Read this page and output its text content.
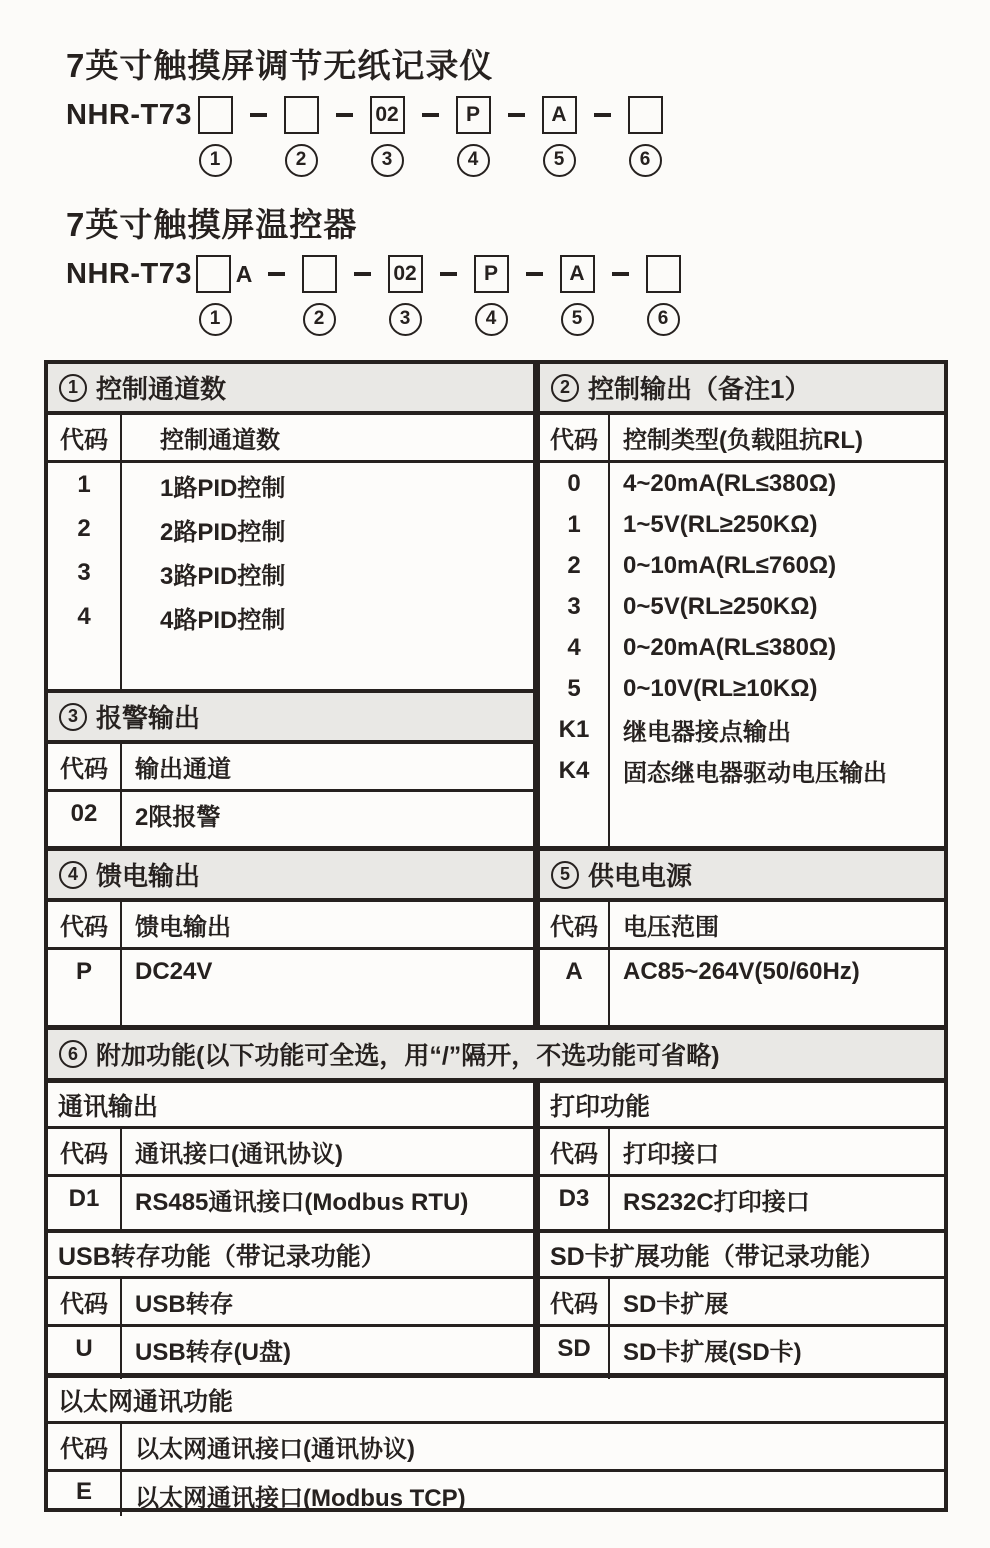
7英寸触摸屏调节无纸记录仪
NHR-T73	02	P	A
1	2	3	4	5	6
7英寸触摸屏温控器
NHR-T73 A	02	P	A
1	2	3	4	5	6
1 控制通道数
代码	控制通道数
1	1路PID控制
2	2路PID控制
3	3路PID控制
4	4路PID控制
3 报警输出
代码	输出通道
02	2限报警
2 控制输出（备注1）
代码	控制类型(负载阻抗RL)
0	4~20mA(RL≤380Ω)
1	1~5V(RL≥250KΩ)
2	0~10mA(RL≤760Ω)
3	0~5V(RL≥250KΩ)
4	0~20mA(RL≤380Ω)
5	0~10V(RL≥10KΩ)
K1	继电器接点输出
K4	固态继电器驱动电压输出
4 馈电输出
代码	馈电输出
P	DC24V
5 供电电源
代码	电压范围
A	AC85~264V(50/60Hz)
6 附加功能(以下功能可全选，用“/”隔开，不选功能可省略)
通讯输出
代码	通讯接口(通讯协议)
D1	RS485通讯接口(Modbus RTU)
USB转存功能（带记录功能）
代码	USB转存
U	USB转存(U盘)
打印功能
代码	打印接口
D3	RS232C打印接口
SD卡扩展功能（带记录功能）
代码	SD卡扩展
SD	SD卡扩展(SD卡)
以太网通讯功能
代码	以太网通讯接口(通讯协议)
E	以太网通讯接口(Modbus TCP)
